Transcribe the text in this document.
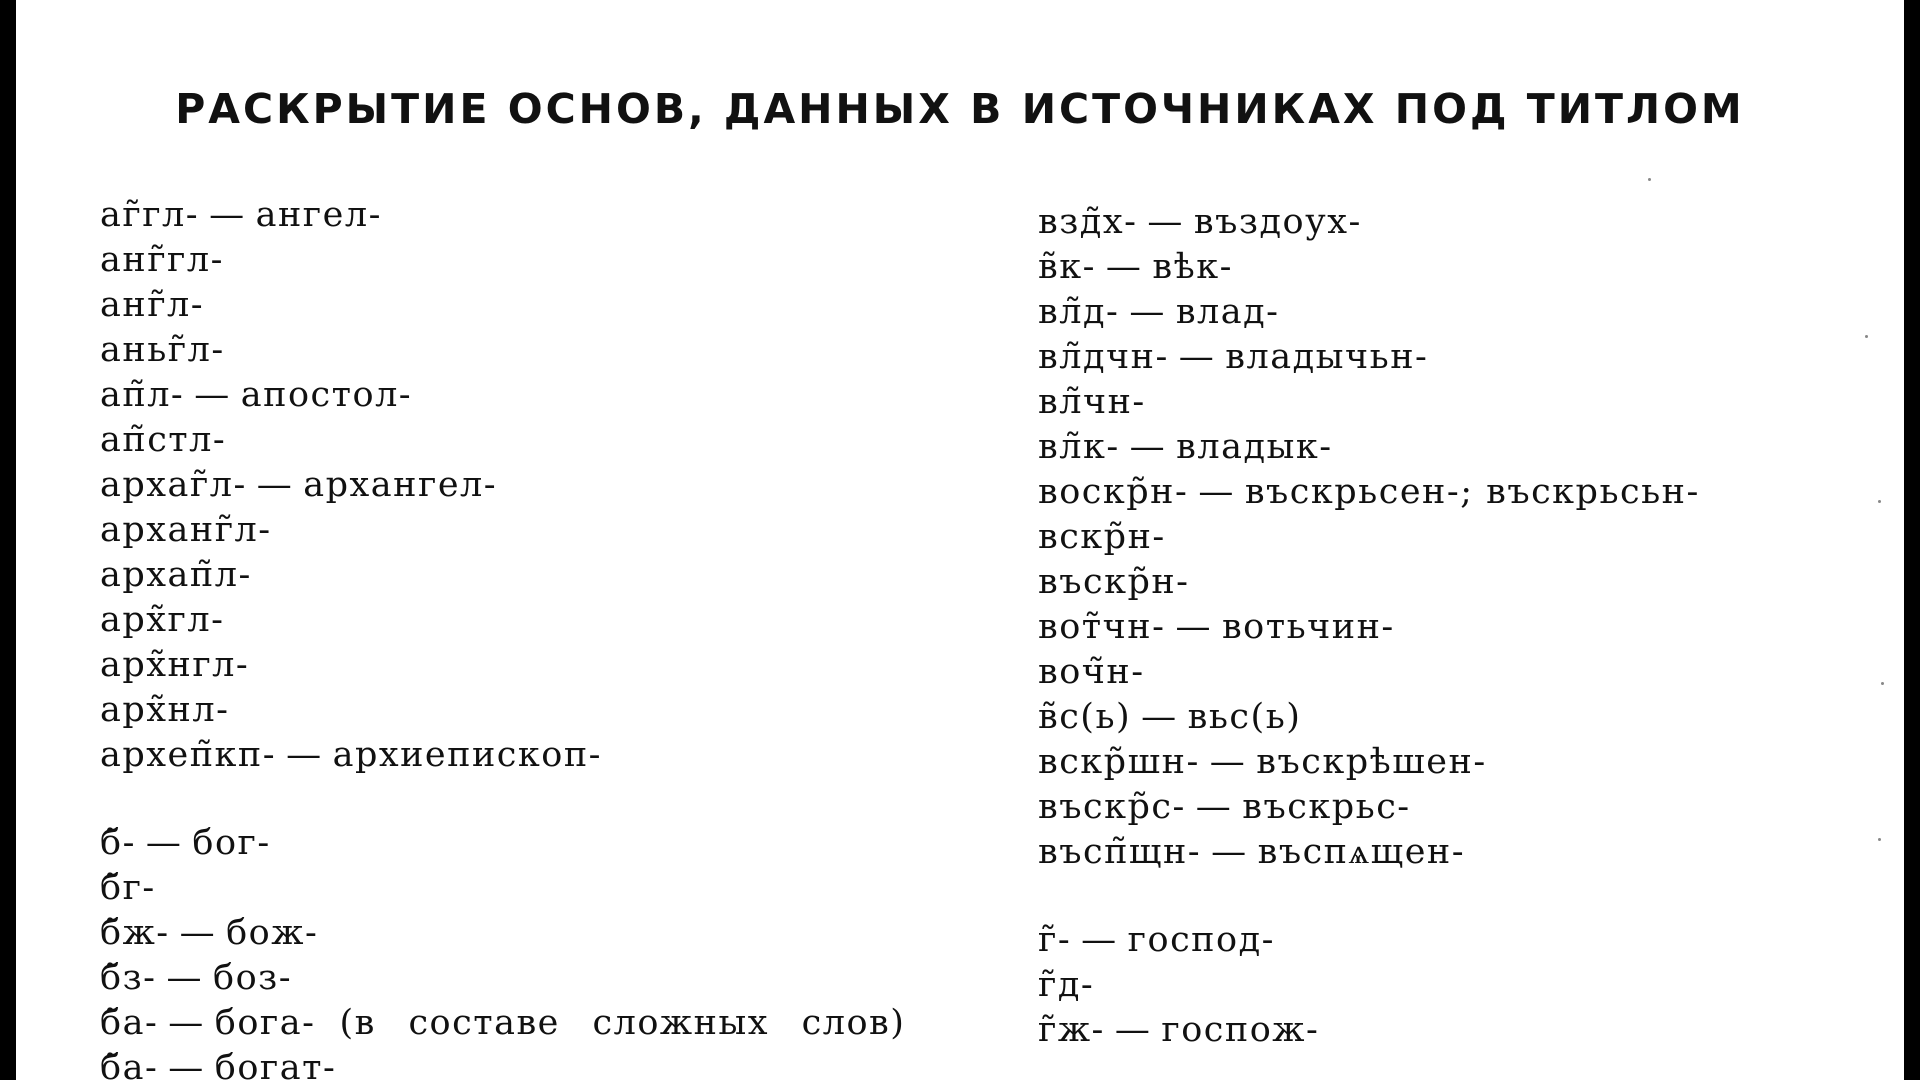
РАСКРЫТИЕ ОСНОВ, ДАННЫХ В ИСТОЧНИКАХ ПОД ТИТЛОМ
аг̃гл- — ангел-
анг̃гл-
анг̃л-
аньг̃л-
ап̃л- — апостол-
ап̃стл-
архаг̃л- — архангел-
арханг̃л-
архап̃л-
арх̃гл-
арх̃нгл-
арх̃нл-
археп̃кп- — архиепископ-
б̃- — бог-
б̃г-
б̃ж- — бож-
б̃з- — боз-
б̃а- — бога- (в составе сложных слов)
б̃а- — богат-
взд̃х- — въздоух-
в̃к- — вѣк-
вл̃д- — влад-
вл̃дчн- — владычьн-
вл̃чн-
вл̃к- — владык-
воскр̃н- — въскрьсен-; въскрьсьн-
вскр̃н-
въскр̃н-
вот̃чн- — вотьчин-
воч̃н-
в̃с(ь) — вьс(ь)
вскр̃шн- — въскрѣшен-
въскр̃с- — въскрьс-
въсп̃щн- — въспѧщен-
г̃- — господ-
г̃д-
г̃ж- — госпож-
